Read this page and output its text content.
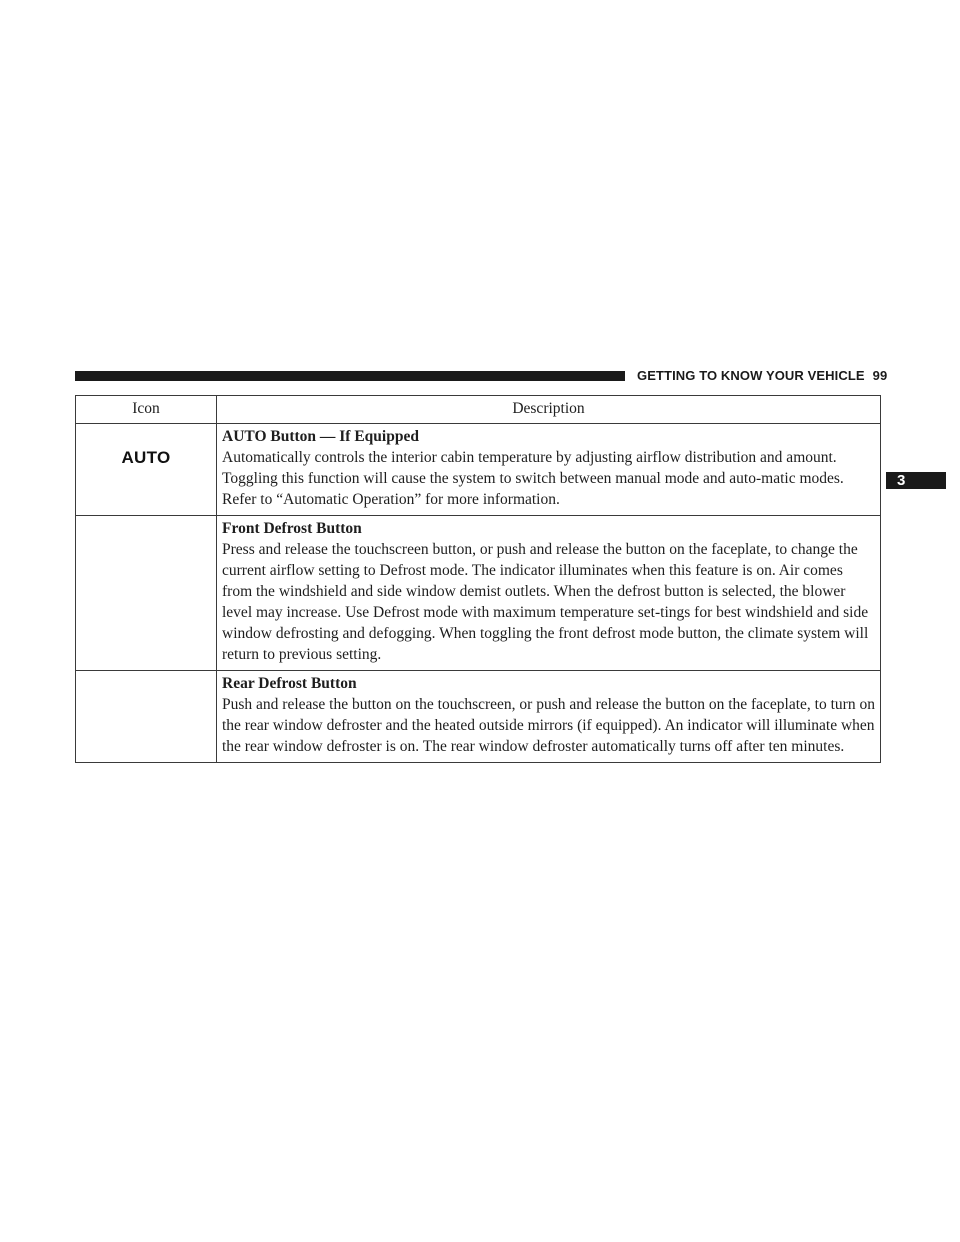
GETTING TO KNOW YOUR VEHICLE 99
3
Icon	Description
AUTO	AUTO Button — If Equipped
Automatically controls the interior cabin temperature by adjusting airflow distribution and amount. Toggling this function will cause the system to switch between manual mode and auto-matic modes. Refer to “Automatic Operation” for more information.

	Front Defrost Button
Press and release the touchscreen button, or push and release the button on the faceplate, to change the current airflow setting to Defrost mode. The indicator illuminates when this feature is on. Air comes from the windshield and side window demist outlets. When the defrost button is selected, the blower level may increase. Use Defrost mode with maximum temperature set-tings for best windshield and side window defrosting and defogging. When toggling the front defrost mode button, the climate system will return to previous setting.

	Rear Defrost Button
Push and release the button on the touchscreen, or push and release the button on the faceplate, to turn on the rear window defroster and the heated outside mirrors (if equipped). An indicator will illuminate when the rear window defroster is on. The rear window defroster automatically turns off after ten minutes.
